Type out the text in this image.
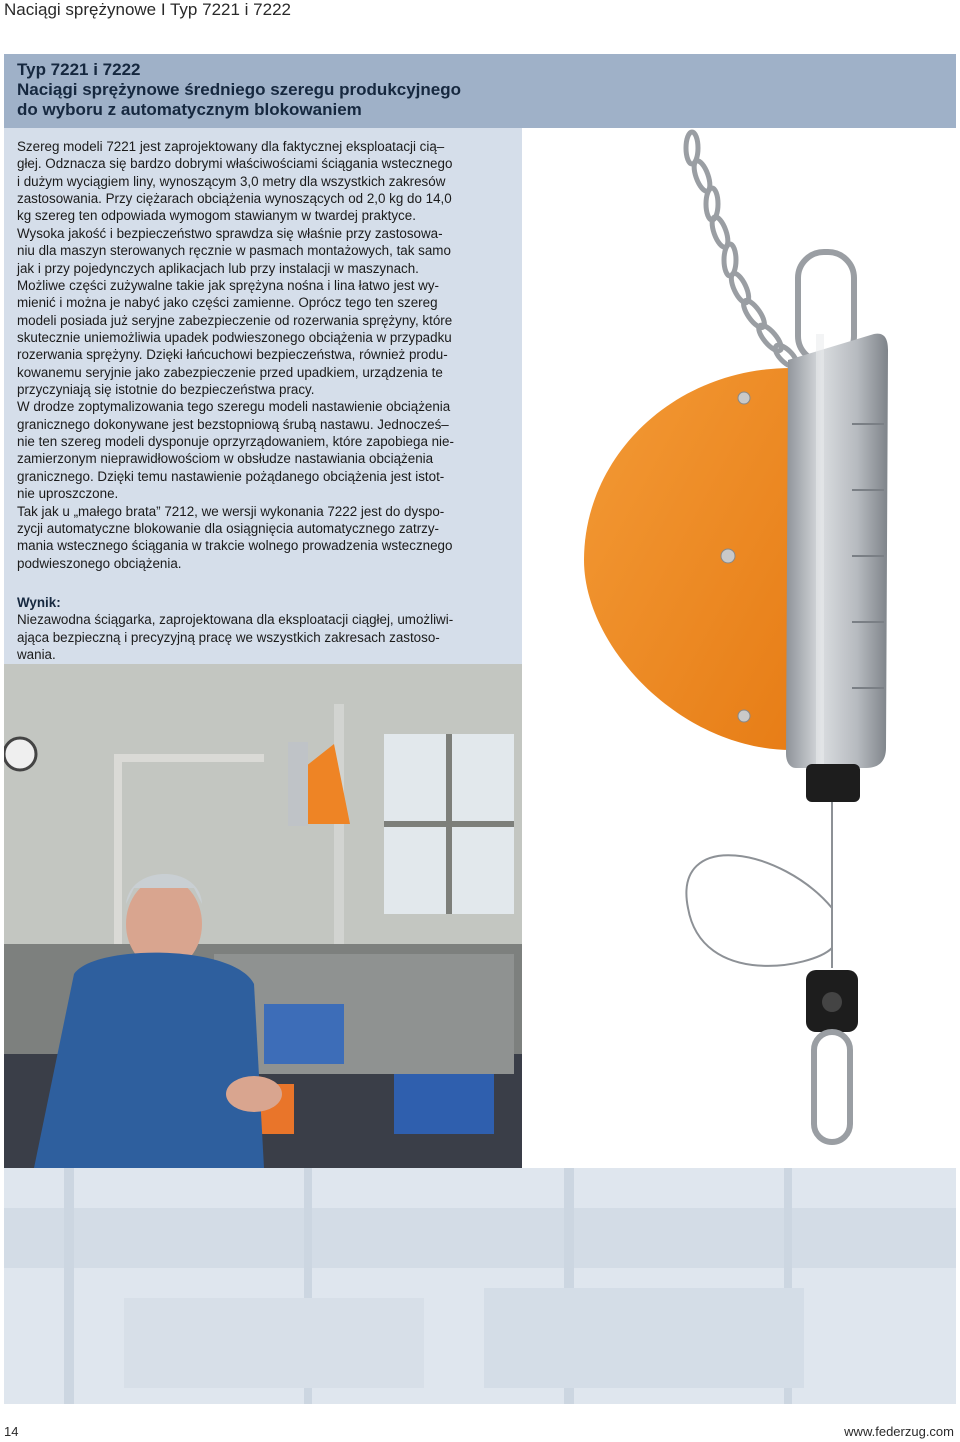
Naciągi sprężynowe I Typ 7221 i 7222
Typ 7221 i 7222
Naciągi sprężynowe średniego szeregu produkcyjnego
do wyboru z automatycznym blokowaniem
Szereg modeli 7221 jest zaprojektowany dla faktycznej eksploatacji cią–
głej. Odznacza się bardzo dobrymi właściwościami ściągania wstecznego
i dużym wyciągiem liny, wynoszącym 3,0 metry dla wszystkich zakresów
zastosowania. Przy ciężarach obciążenia wynoszących od 2,0 kg do 14,0
kg szereg ten odpowiada wymogom stawianym w twardej praktyce.
Wysoka jakość i bezpieczeństwo sprawdza się właśnie przy zastosowa-
niu dla maszyn sterowanych ręcznie w pasmach montażowych, tak samo
jak i przy pojedynczych aplikacjach lub przy instalacji w maszynach.
Możliwe części zużywalne takie jak sprężyna nośna i lina łatwo jest wy-
mienić i można je nabyć jako części zamienne. Oprócz tego ten szereg
modeli posiada już seryjne zabezpieczenie od rozerwania sprężyny, które
skutecznie uniemożliwia upadek podwieszonego obciążenia w przypadku
rozerwania sprężyny. Dzięki łańcuchowi bezpieczeństwa, również produ-
kowanemu seryjnie jako zabezpieczenie przed upadkiem, urządzenia te
przyczyniają się istotnie do bezpieczeństwa pracy.
W drodze zoptymalizowania tego szeregu modeli nastawienie obciążenia
granicznego dokonywane jest bezstopniową śrubą nastawu. Jednocześ–
nie ten szereg modeli dysponuje oprzyrządowaniem, które zapobiega nie-
zamierzonym nieprawidłowościom w obsłudze nastawiania obciążenia
granicznego. Dzięki temu nastawienie pożądanego obciążenia jest istot-
nie uproszczone.
Tak jak u „małego brata” 7212, we wersji wykonania 7222 jest do dyspo-
zycji automatyczne blokowanie dla osiągnięcia automatycznego zatrzy-
mania wstecznego ściągania w trakcie wolnego prowadzenia wstecznego
podwieszonego obciążenia.
Wynik:
Niezawodna ściągarka, zaprojektowana dla eksploatacji ciągłej, umożliwi-
ająca bezpieczną i precyzyjną pracę we wszystkich zakresach zastoso-
wania.
14	www.federzug.com
